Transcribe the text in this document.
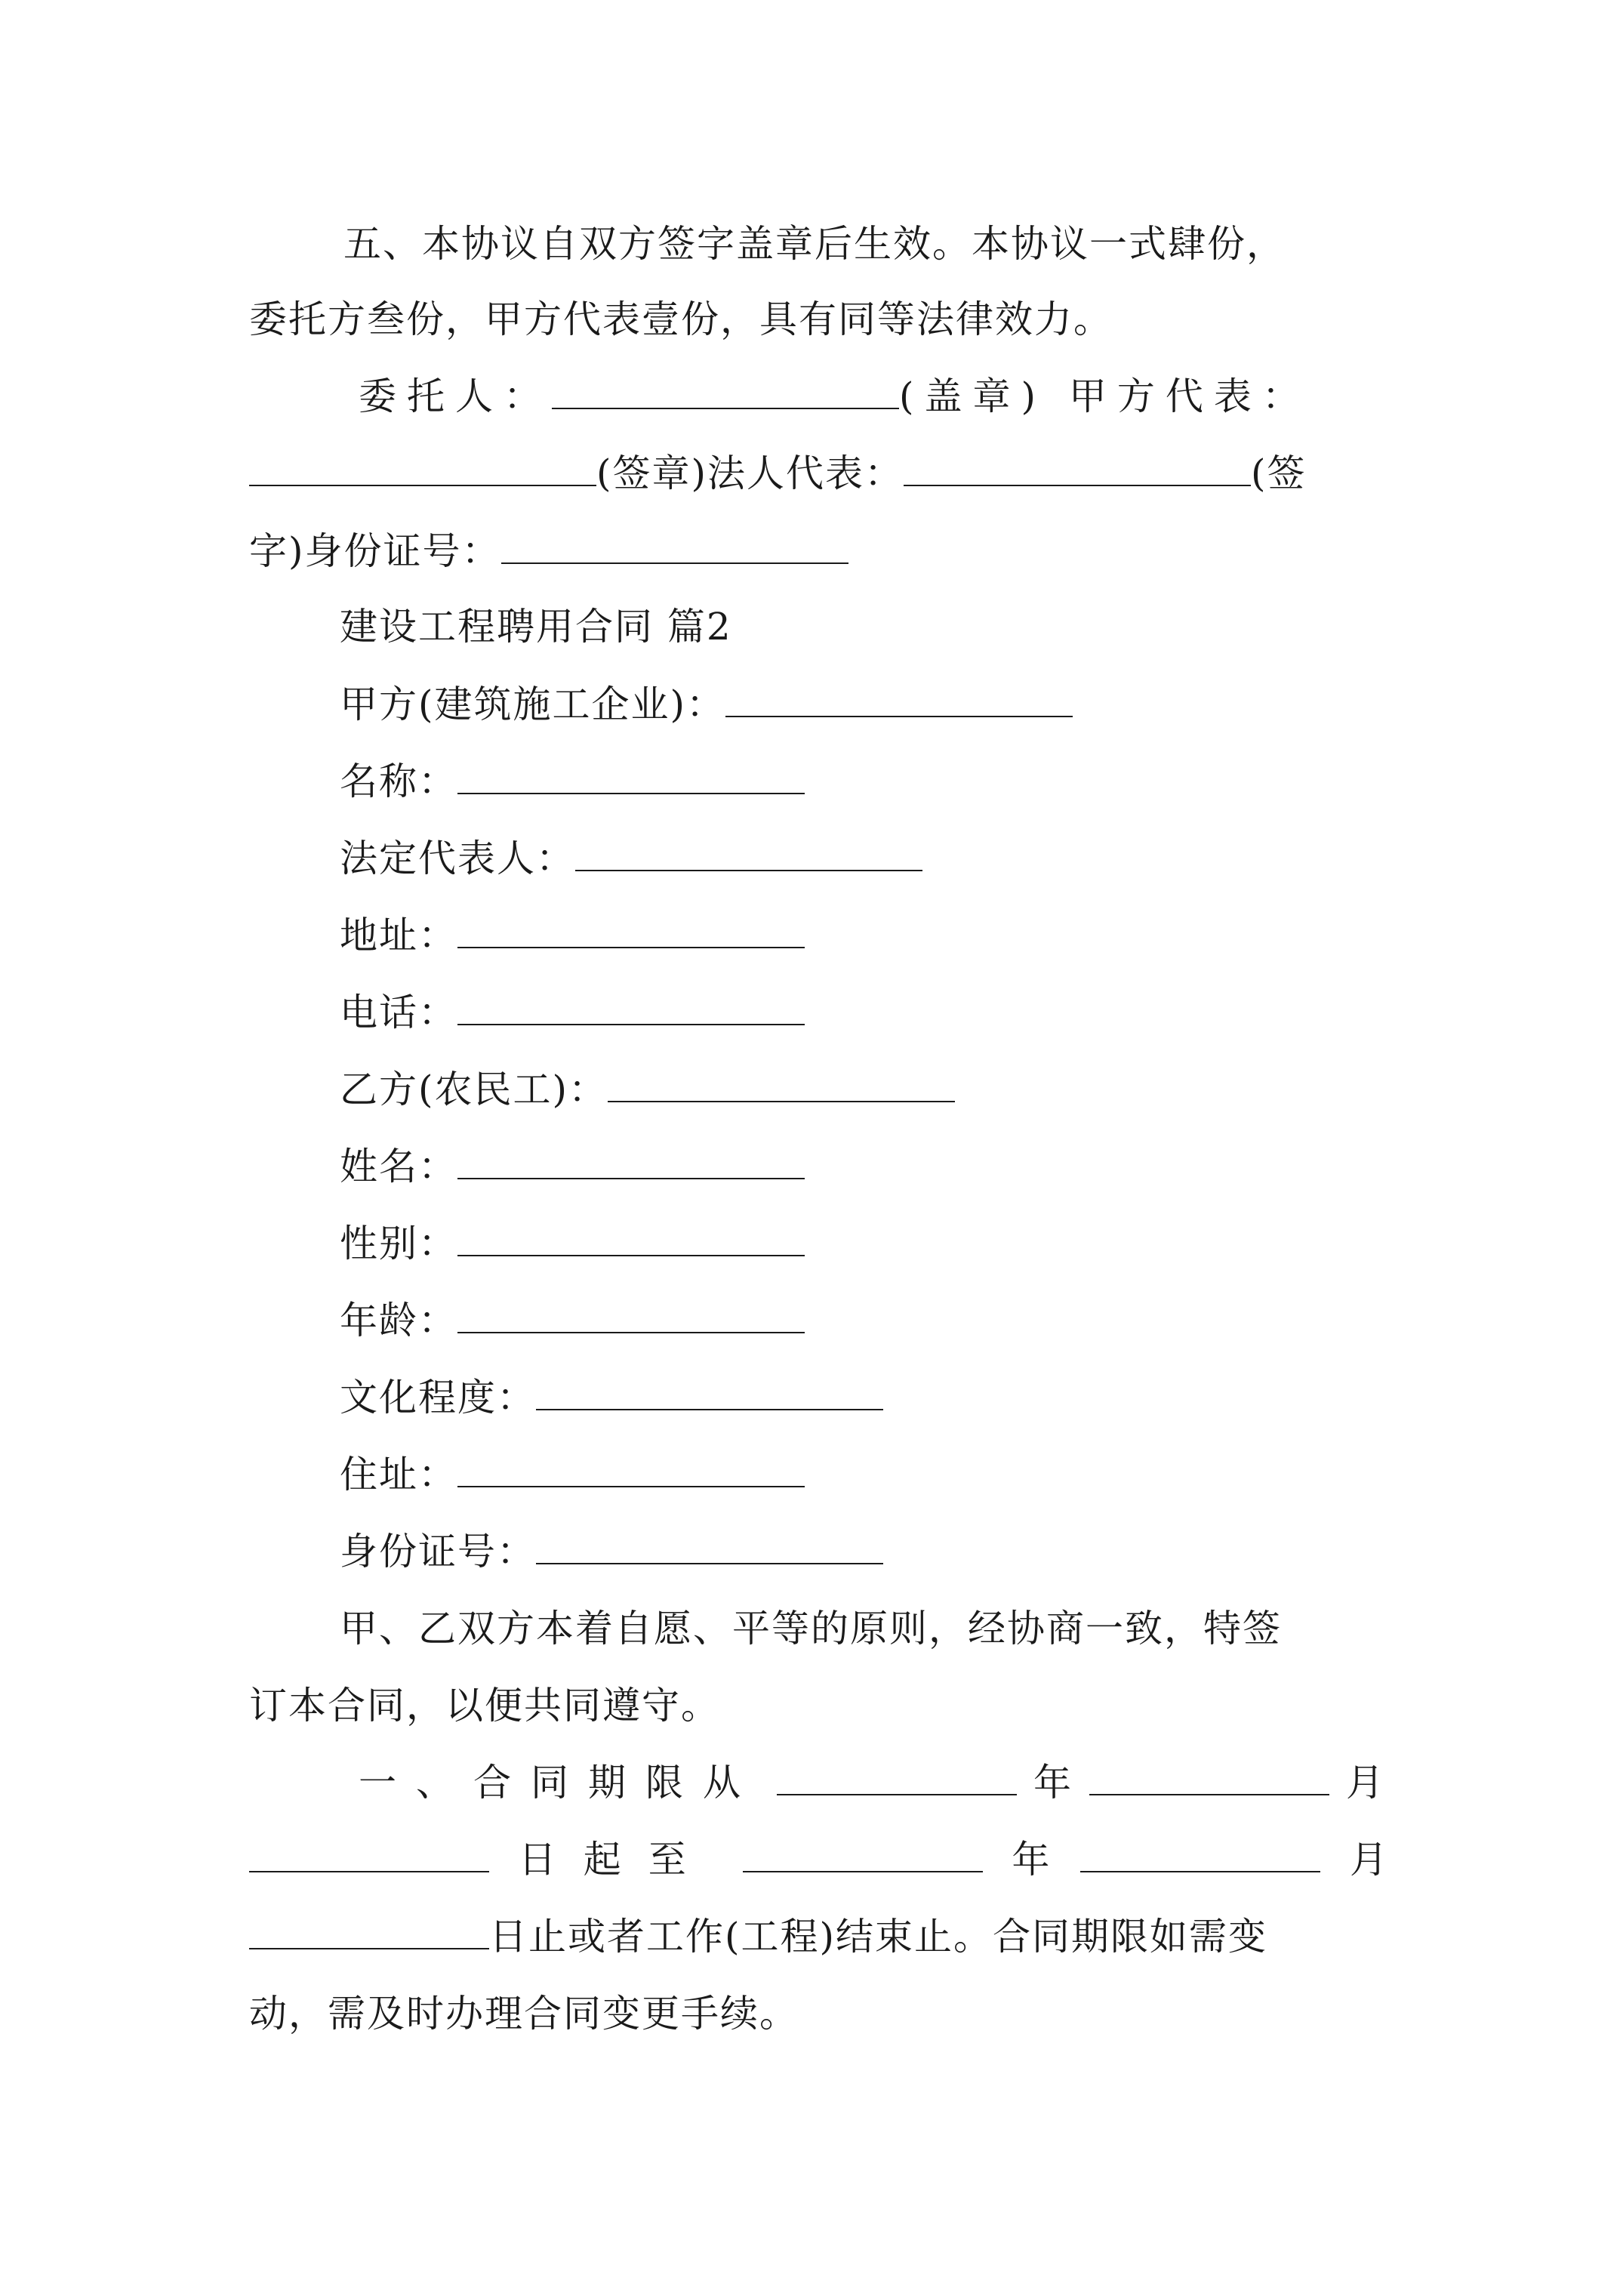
五、本协议自双方签字盖章后生效。本协议一式肆份，
委托方叁份，甲方代表壹份，具有同等法律效力。
委托人：	(盖章) 甲方代表：
(签章)法人代表：	(签
字)身份证号：
建设工程聘用合同 篇2
甲方(建筑施工企业)：
名称：
法定代表人：
地址：
电话：
乙方(农民工)：
姓名：
性别：
年龄：
文化程度：
住址：
身份证号：
甲、乙双方本着自愿、平等的原则，经协商一致，特签
订本合同，以便共同遵守。
一、合同期限从	年	月
日起至	年	月
日止或者工作(工程)结束止。合同期限如需变
动，需及时办理合同变更手续。
